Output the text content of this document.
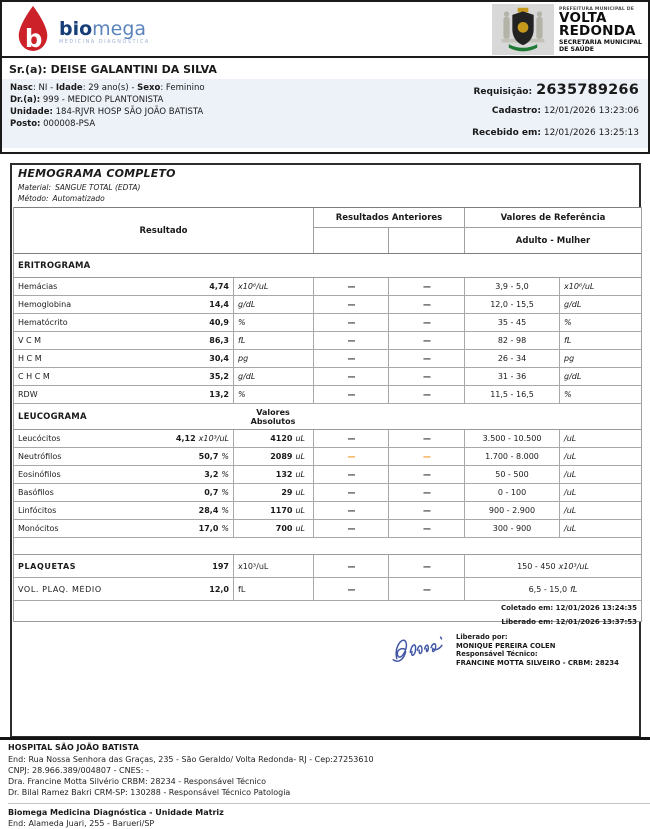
b biomega
MEDICINA DIAGNÓSTICA
PREFEITURA MUNICIPAL DE
VOLTA
REDONDA
SECRETARIA MUNICIPAL
DE SAÚDE
Sr.(a): DEISE GALANTINI DA SILVA
Nasc: NI - Idade: 29 ano(s) - Sexo: Feminino
Dr.(a): 999 - MEDICO PLANTONISTA
Unidade: 184-RJVR HOSP SÃO JOÃO BATISTA
Posto: 000008-PSA
Requisição: 2635789266
Cadastro: 12/01/2026 13:23:06
Recebido em: 12/01/2026 13:25:13
HEMOGRAMA COMPLETO
Material: SANGUE TOTAL (EDTA)
Método: Automatizado
Resultado
Resultados Anteriores	Valores de Referência
Adulto - Mulher
ERITROGRAMA
Hemácias	4,74	x10⁶/uL	---	---	3,9 - 5,0	x10⁶/uL
Hemoglobina	14,4	g/dL	---	---	12,0 - 15,5	g/dL
Hematócrito	40,9	%	---	---	35 - 45	%
V C M	86,3	fL	---	---	82 - 98	fL
H C M	30,4	pg	---	---	26 - 34	pg
C H C M	35,2	g/dL	---	---	31 - 36	g/dL
RDW	13,2	%	---	---	11,5 - 16,5	%
LEUCOGRAMA	Valores
Absolutos
Leucócitos	4,12 x10³/uL	4120 uL	---	---	3.500 - 10.500	/uL
Neutrófilos	50,7 %	2089 uL	---	---	1.700 - 8.000	/uL
Eosinófilos	3,2 %	132 uL	---	---	50 - 500	/uL
Basófilos	0,7 %	29 uL	---	---	0 - 100	/uL
Linfócitos	28,4 %	1170 uL	---	---	900 - 2.900	/uL
Monócitos	17,0 %	700 uL	---	---	300 - 900	/uL
PLAQUETAS	197	x10³/uL	---	---	150 - 450 x10³/uL
VOL. PLAQ. MÉDIO	12,0	fL	---	---	6,5 - 15,0 fL
Coletado em: 12/01/2026 13:24:35
Liberado em: 12/01/2026 13:37:53
Liberado por:
MONIQUE PEREIRA COLEN
Responsável Técnico:
FRANCINE MOTTA SILVEIRO - CRBM: 28234
HOSPITAL SÃO JOÃO BATISTA
End: Rua Nossa Senhora das Graças, 235 - São Geraldo/ Volta Redonda- RJ - Cep:27253610
CNPJ: 28.966.389/004807 - CNES: -
Dra. Francine Motta Silvério CRBM: 28234 - Responsável Técnico
Dr. Bilal Ramez Bakri CRM-SP: 130288 - Responsável Técnico Patologia
Biomega Medicina Diagnóstica - Unidade Matriz
End: Alameda Juari, 255 - Barueri/SP
